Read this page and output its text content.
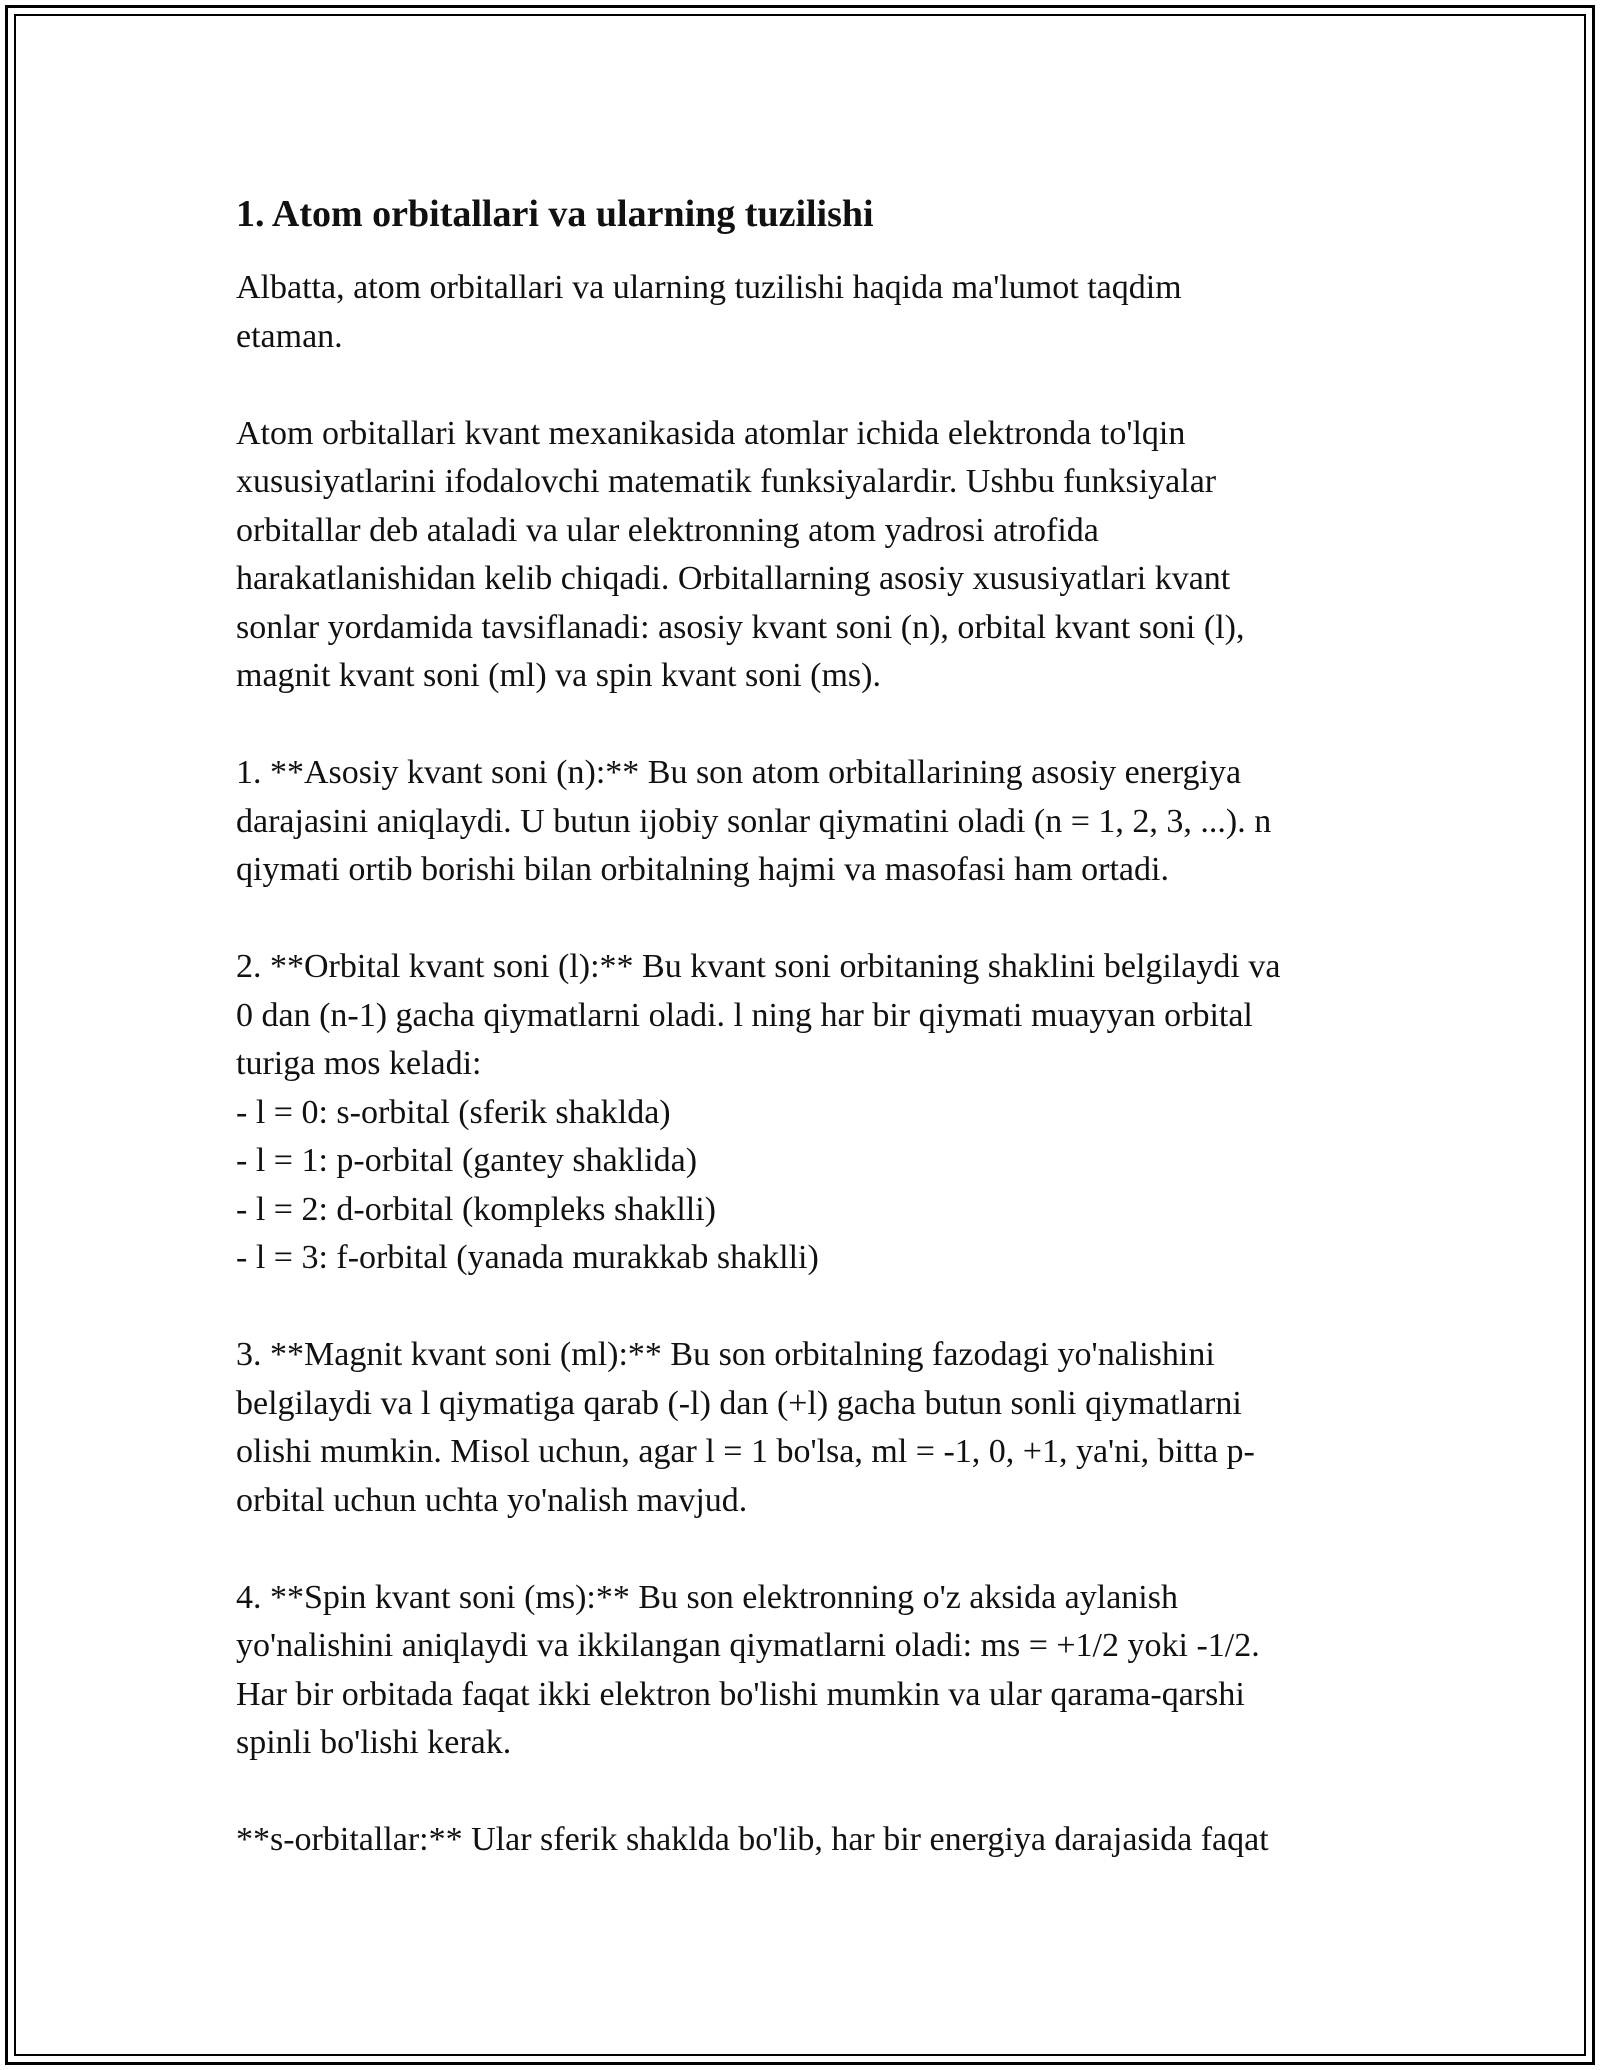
1. Atom orbitallari va ularning tuzilishi

Albatta, atom orbitallari va ularning tuzilishi haqida ma'lumot taqdim
etaman.

Atom orbitallari kvant mexanikasida atomlar ichida elektronda to'lqin
xususiyatlarini ifodalovchi matematik funksiyalardir. Ushbu funksiyalar
orbitallar deb ataladi va ular elektronning atom yadrosi atrofida
harakatlanishidan kelib chiqadi. Orbitallarning asosiy xususiyatlari kvant
sonlar yordamida tavsiflanadi: asosiy kvant soni (n), orbital kvant soni (l),
magnit kvant soni (ml) va spin kvant soni (ms).

1. **Asosiy kvant soni (n):** Bu son atom orbitallarining asosiy energiya
darajasini aniqlaydi. U butun ijobiy sonlar qiymatini oladi (n = 1, 2, 3, ...). n
qiymati ortib borishi bilan orbitalning hajmi va masofasi ham ortadi.

2. **Orbital kvant soni (l):** Bu kvant soni orbitaning shaklini belgilaydi va
0 dan (n-1) gacha qiymatlarni oladi. l ning har bir qiymati muayyan orbital
turiga mos keladi:
- l = 0: s-orbital (sferik shaklda)
- l = 1: p-orbital (gantey shaklida)
- l = 2: d-orbital (kompleks shaklli)
- l = 3: f-orbital (yanada murakkab shaklli)

3. **Magnit kvant soni (ml):** Bu son orbitalning fazodagi yo'nalishini
belgilaydi va l qiymatiga qarab (-l) dan (+l) gacha butun sonli qiymatlarni
olishi mumkin. Misol uchun, agar l = 1 bo'lsa, ml = -1, 0, +1, ya'ni, bitta p-
orbital uchun uchta yo'nalish mavjud.

4. **Spin kvant soni (ms):** Bu son elektronning o'z aksida aylanish
yo'nalishini aniqlaydi va ikkilangan qiymatlarni oladi: ms = +1/2 yoki -1/2.
Har bir orbitada faqat ikki elektron bo'lishi mumkin va ular qarama-qarshi
spinli bo'lishi kerak.

**s-orbitallar:** Ular sferik shaklda bo'lib, har bir energiya darajasida faqat
